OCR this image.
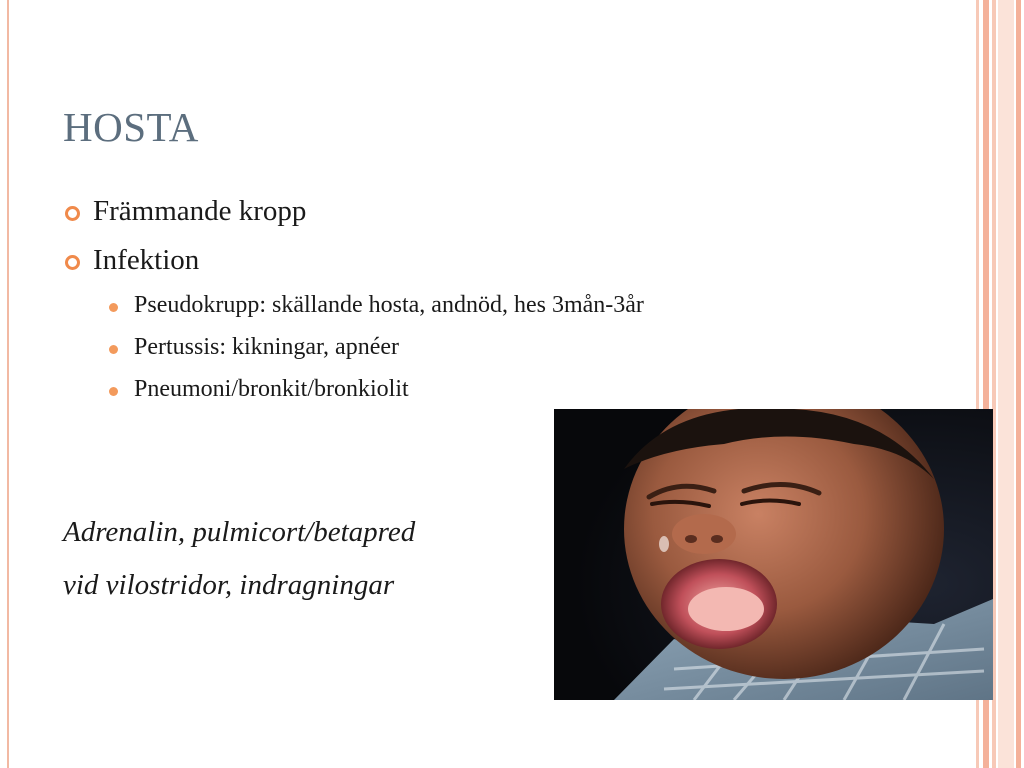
HOSTA
Främmande kropp
Infektion
Pseudokrupp: skällande hosta, andnöd, hes 3mån-3år
Pertussis: kikningar, apnéer
Pneumoni/bronkit/bronkiolit
Adrenalin, pulmicort/betapred
vid vilostridor, indragningar
